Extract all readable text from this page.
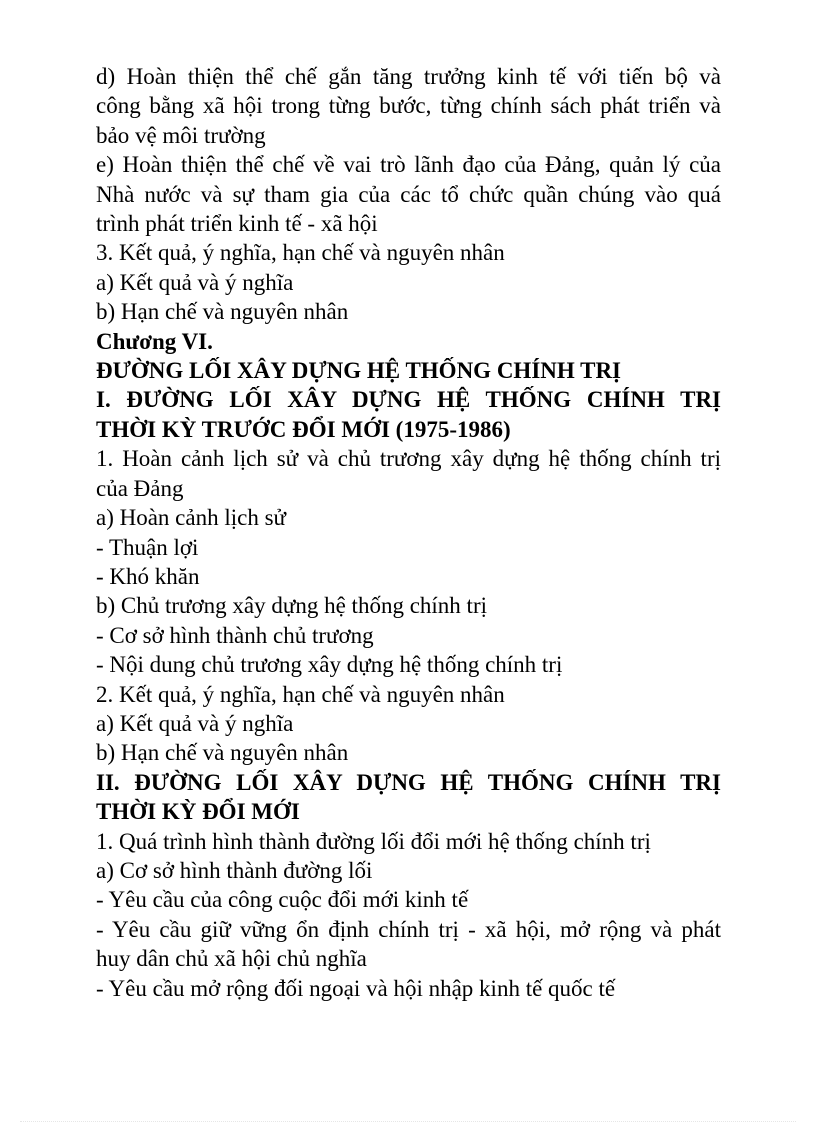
d) Hoàn thiện thể chế gắn tăng trưởng kinh tế với tiến bộ và

công bằng xã hội trong từng bước, từng chính sách phát triển và

bảo vệ môi trường

e) Hoàn thiện thể chế về vai trò lãnh đạo của Đảng, quản lý của

Nhà nước và sự tham gia của các tổ chức quần chúng vào quá

trình phát triển kinh tế - xã hội

3. Kết quả, ý nghĩa, hạn chế và nguyên nhân

a) Kết quả và ý nghĩa

b) Hạn chế và nguyên nhân

Chương VI.

ĐƯỜNG LỐI XÂY DỰNG HỆ THỐNG CHÍNH TRỊ

I. ĐƯỜNG LỐI XÂY DỰNG HỆ THỐNG CHÍNH TRỊ

THỜI KỲ TRƯỚC ĐỔI MỚI (1975-1986)

1. Hoàn cảnh lịch sử và chủ trương xây dựng hệ thống chính trị

của Đảng

a) Hoàn cảnh lịch sử

- Thuận lợi

- Khó khăn

b) Chủ trương xây dựng hệ thống chính trị

- Cơ sở hình thành chủ trương

- Nội dung chủ trương xây dựng hệ thống chính trị

2. Kết quả, ý nghĩa, hạn chế và nguyên nhân

a) Kết quả và ý nghĩa

b) Hạn chế và nguyên nhân

II. ĐƯỜNG LỐI XÂY DỰNG HỆ THỐNG CHÍNH TRỊ

THỜI KỲ ĐỔI MỚI

1. Quá trình hình thành đường lối đổi mới hệ thống chính trị

a) Cơ sở hình thành đường lối

- Yêu cầu của công cuộc đổi mới kinh tế

- Yêu cầu giữ vững ổn định chính trị - xã hội, mở rộng và phát

huy dân chủ xã hội chủ nghĩa

- Yêu cầu mở rộng đối ngoại và hội nhập kinh tế quốc tế
